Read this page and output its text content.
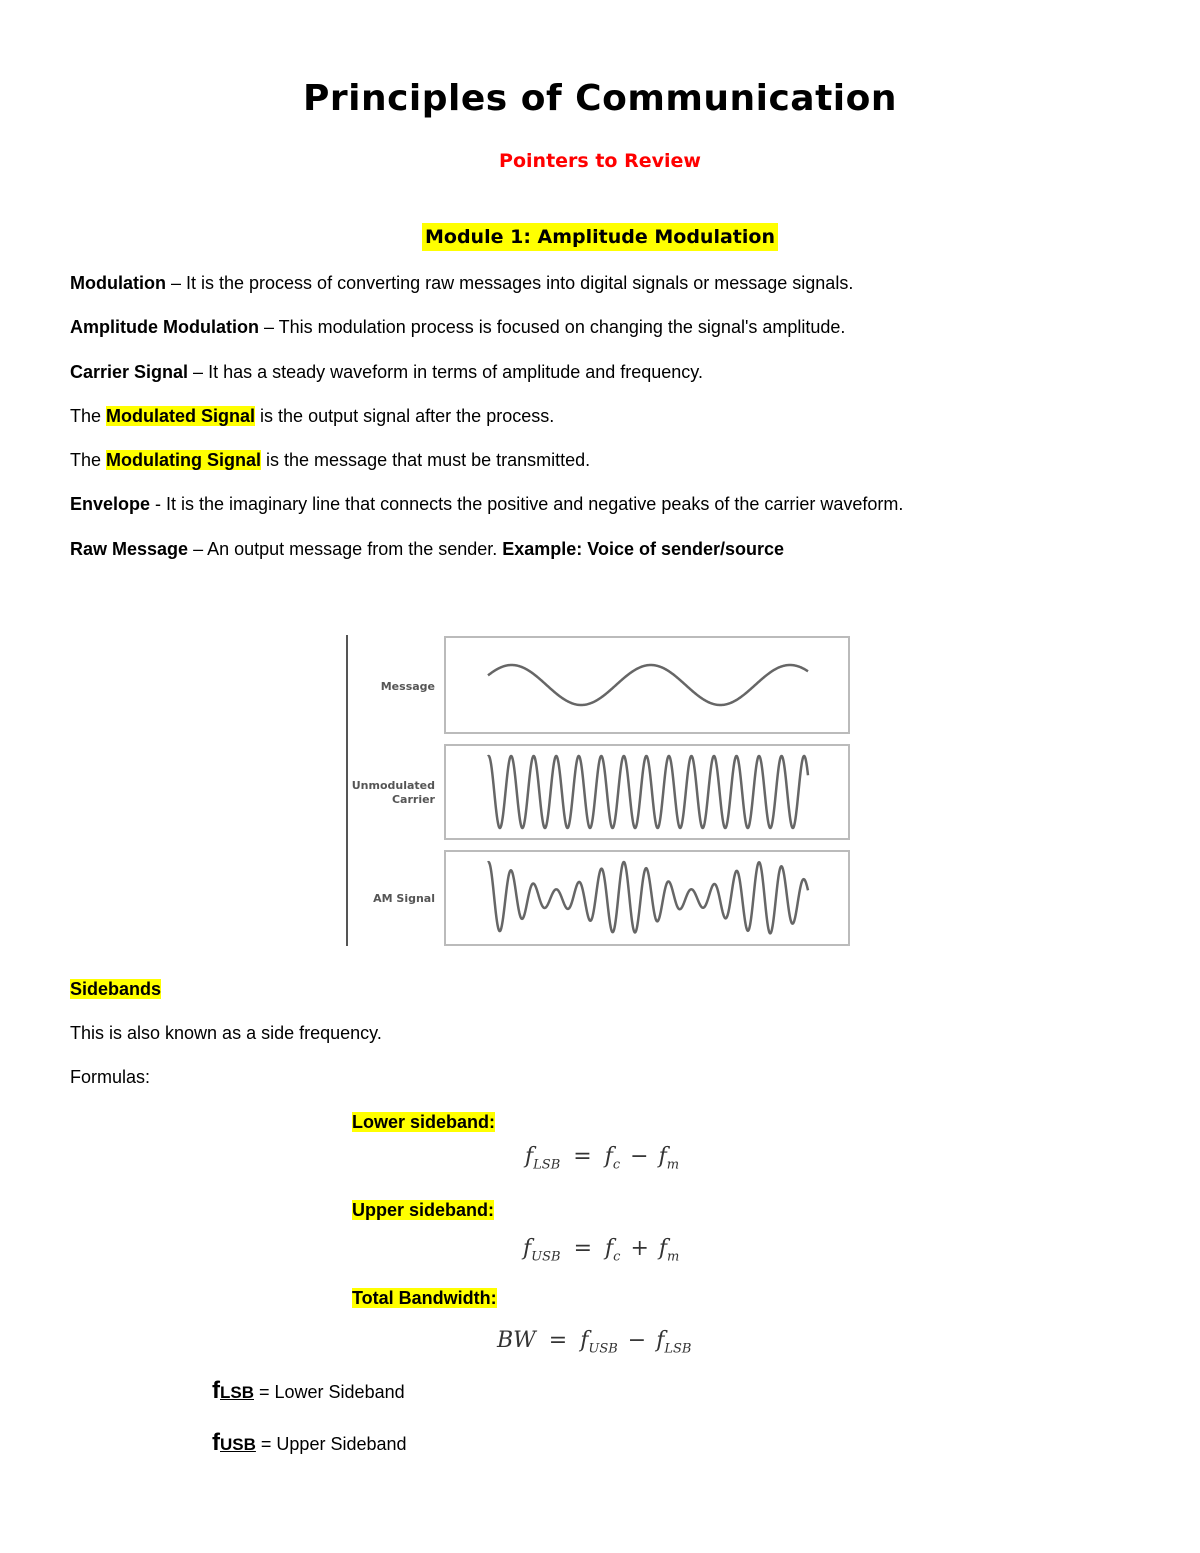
Principles of Communication
Pointers to Review
Module 1: Amplitude Modulation
Modulation – It is the process of converting raw messages into digital signals or message signals.
Amplitude Modulation – This modulation process is focused on changing the signal's amplitude.
Carrier Signal – It has a steady waveform in terms of amplitude and frequency.
The Modulated Signal is the output signal after the process.
The Modulating Signal is the message that must be transmitted.
Envelope - It is the imaginary line that connects the positive and negative peaks of the carrier waveform.
Raw Message – An output message from the sender. Example: Voice of sender/source
Message
Unmodulated
Carrier
AM Signal
Sidebands
This is also known as a side frequency.
Formulas:
Lower sideband:
$f_{LSB} = f_c - f_m$
Upper sideband:
$f_{USB} = f_c + f_m$
Total Bandwidth:
BW = $f_{USB} - f_{LSB}$
fLSB = Lower Sideband
fUSB = Upper Sideband
